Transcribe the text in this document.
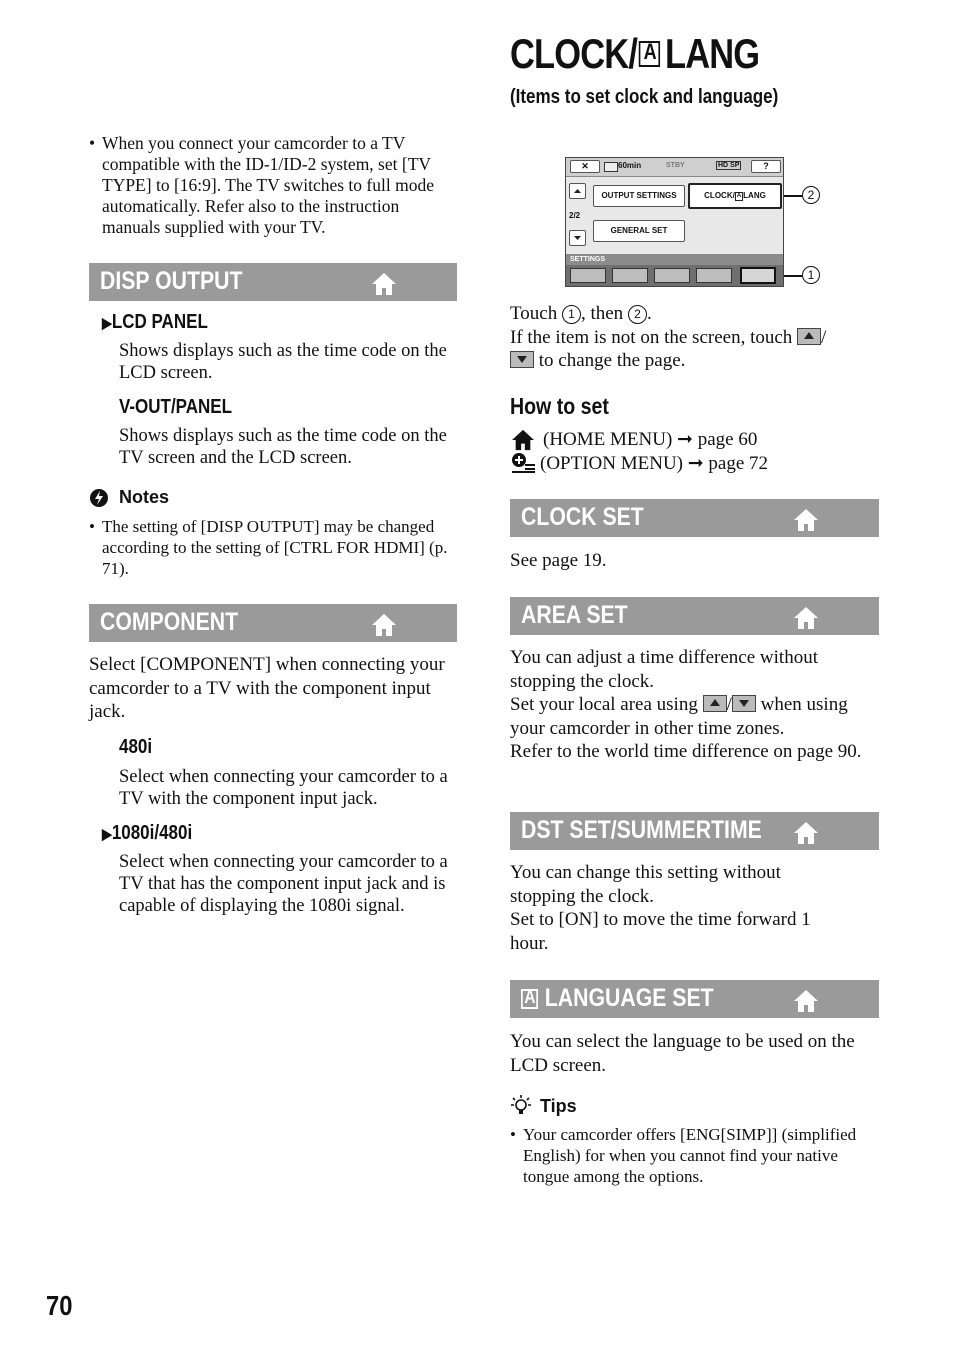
CLOCK/
A LANG
(Items to set clock and language)
• When you connect your camcorder to a TV compatible with the ID-1/ID-2 system, set [TV TYPE] to [16:9]. The TV switches to full mode automatically. Refer also to the instruction manuals supplied with your TV.
DISP OUTPUT
▶LCD PANEL
Shows displays such as the time code on the LCD screen.
V-OUT/PANEL
Shows displays such as the time code on the TV screen and the LCD screen.
Notes
• The setting of [DISP OUTPUT] may be changed according to the setting of [CTRL FOR HDMI] (p. 71).
COMPONENT
Select [COMPONENT] when connecting your camcorder to a TV with the component input jack.
480i
Select when connecting your camcorder to a TV with the component input jack.
▶1080i/480i
Select when connecting your camcorder to a TV that has the component input jack and is capable of displaying the 1080i signal.
✕	60min	STBY	HD SP	?
2/2
OUTPUT SETTINGS	CLOCK/ A LANG
GENERAL SET
SETTINGS
2
1
Touch 1 , then 2 .
If the item is not on the screen, touch /
to change the page.
How to set
(HOME MENU) ➞ page 60
(OPTION MENU) ➞ page 72
CLOCK SET
See page 19.
AREA SET
You can adjust a time difference without stopping the clock.
Set your local area using / when using your camcorder in other time zones.
Refer to the world time difference on page 90.
DST SET/SUMMERTIME
You can change this setting without stopping the clock.
Set to [ON] to move the time forward 1 hour.
A LANGUAGE SET
You can select the language to be used on the LCD screen.
Tips
• Your camcorder offers [ENG[SIMP]] (simplified English) for when you cannot find your native tongue among the options.
70
